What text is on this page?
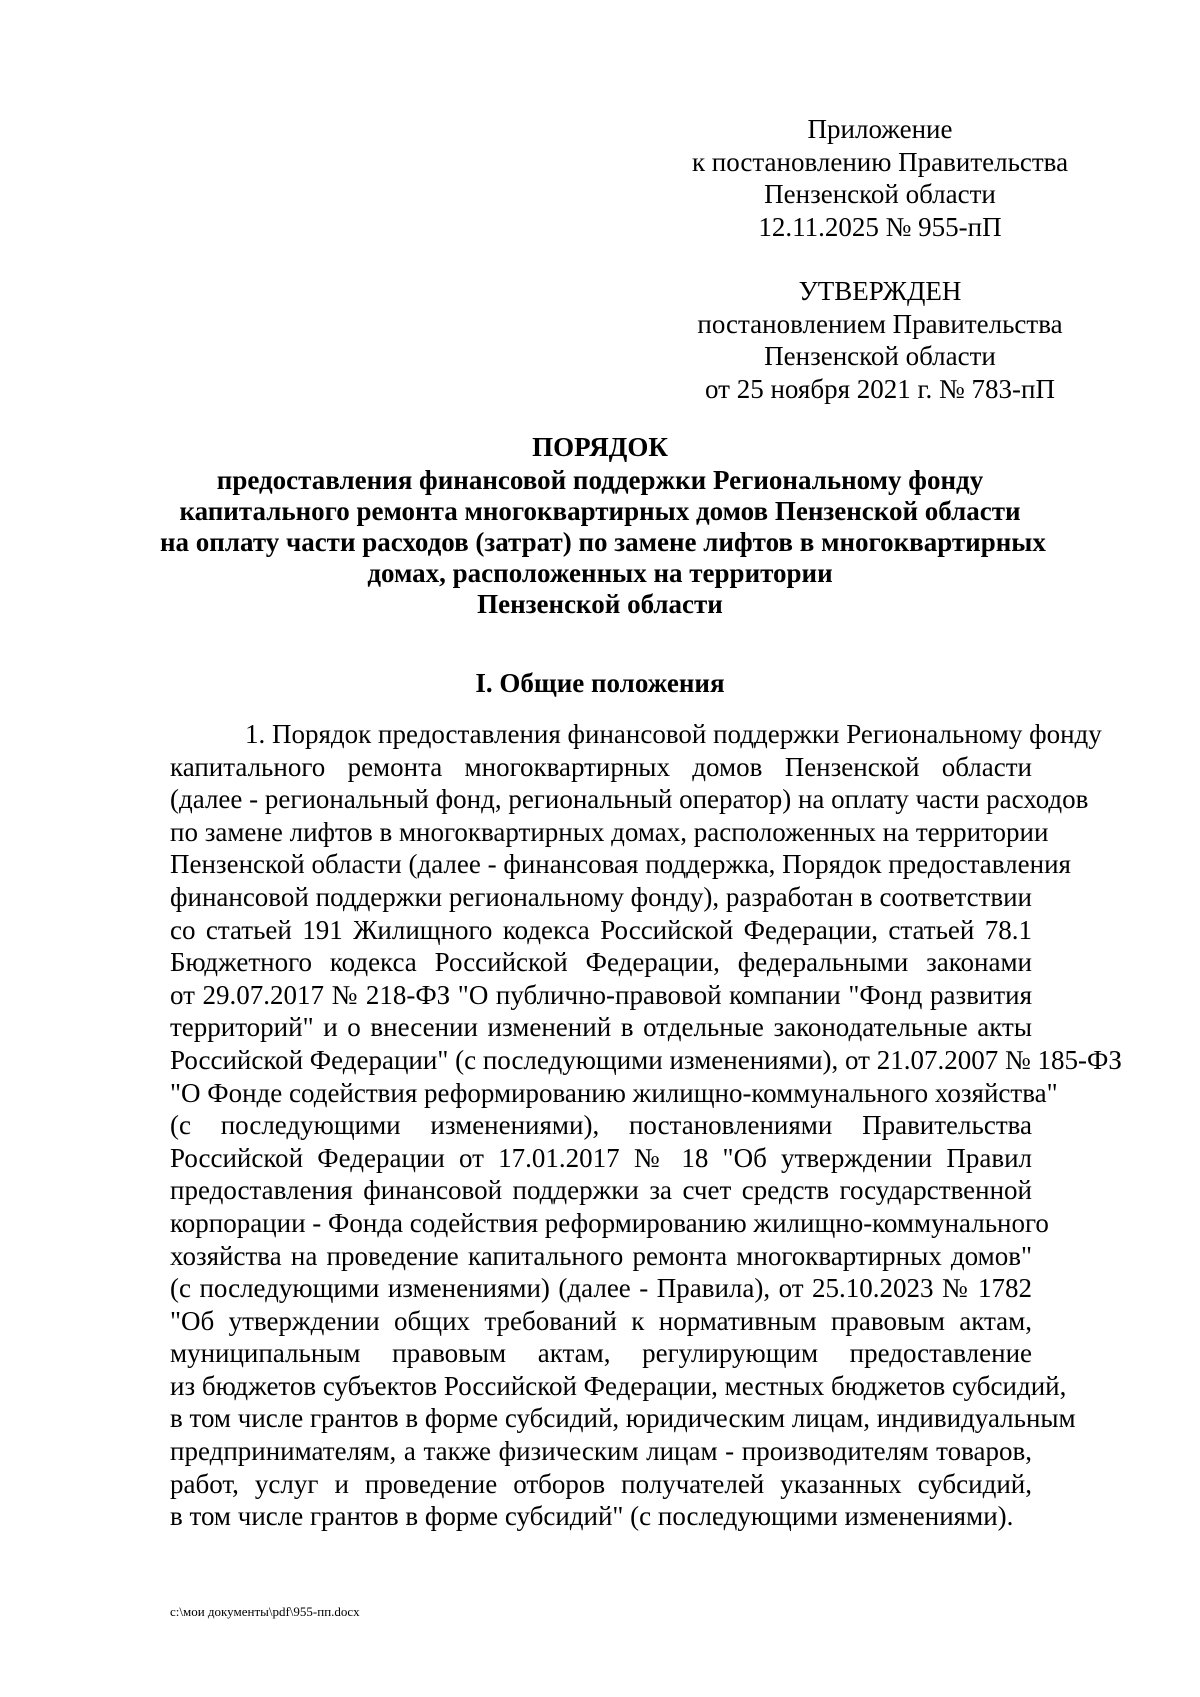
Приложение
к постановлению Правительства
Пензенской области
12.11.2025 № 955-пП
УТВЕРЖДЕН
постановлением Правительства
Пензенской области
от 25 ноября 2021 г. № 783-пП
ПОРЯДОК
предоставления финансовой поддержки Региональному фонду
капитального ремонта многоквартирных домов Пензенской области
на оплату части расходов (затрат) по замене лифтов в многоквартирных
домах, расположенных на территории
Пензенской области
I. Общие положения
1. Порядок предоставления финансовой поддержки Региональному фонду
капитального ремонта многоквартирных домов Пензенской области
(далее - региональный фонд, региональный оператор) на оплату части расходов
по замене лифтов в многоквартирных домах, расположенных на территории
Пензенской области (далее - финансовая поддержка, Порядок предоставления
финансовой поддержки региональному фонду), разработан в соответствии
со статьей 191 Жилищного кодекса Российской Федерации, статьей 78.1
Бюджетного кодекса Российской Федерации, федеральными законами
от 29.07.2017 № 218-ФЗ "О публично-правовой компании "Фонд развития
территорий" и о внесении изменений в отдельные законодательные акты
Российской Федерации" (с последующими изменениями), от 21.07.2007 № 185-ФЗ
"О Фонде содействия реформированию жилищно-коммунального хозяйства"
(с последующими изменениями), постановлениями Правительства
Российской Федерации от 17.01.2017 № 18 "Об утверждении Правил
предоставления финансовой поддержки за счет средств государственной
корпорации - Фонда содействия реформированию жилищно-коммунального
хозяйства на проведение капитального ремонта многоквартирных домов"
(с последующими изменениями) (далее - Правила), от 25.10.2023 № 1782
"Об утверждении общих требований к нормативным правовым актам,
муниципальным правовым актам, регулирующим предоставление
из бюджетов субъектов Российской Федерации, местных бюджетов субсидий,
в том числе грантов в форме субсидий, юридическим лицам, индивидуальным
предпринимателям, а также физическим лицам - производителям товаров,
работ, услуг и проведение отборов получателей указанных субсидий,
в том числе грантов в форме субсидий" (с последующими изменениями).
c:\мои документы\pdf\955-пп.docx
